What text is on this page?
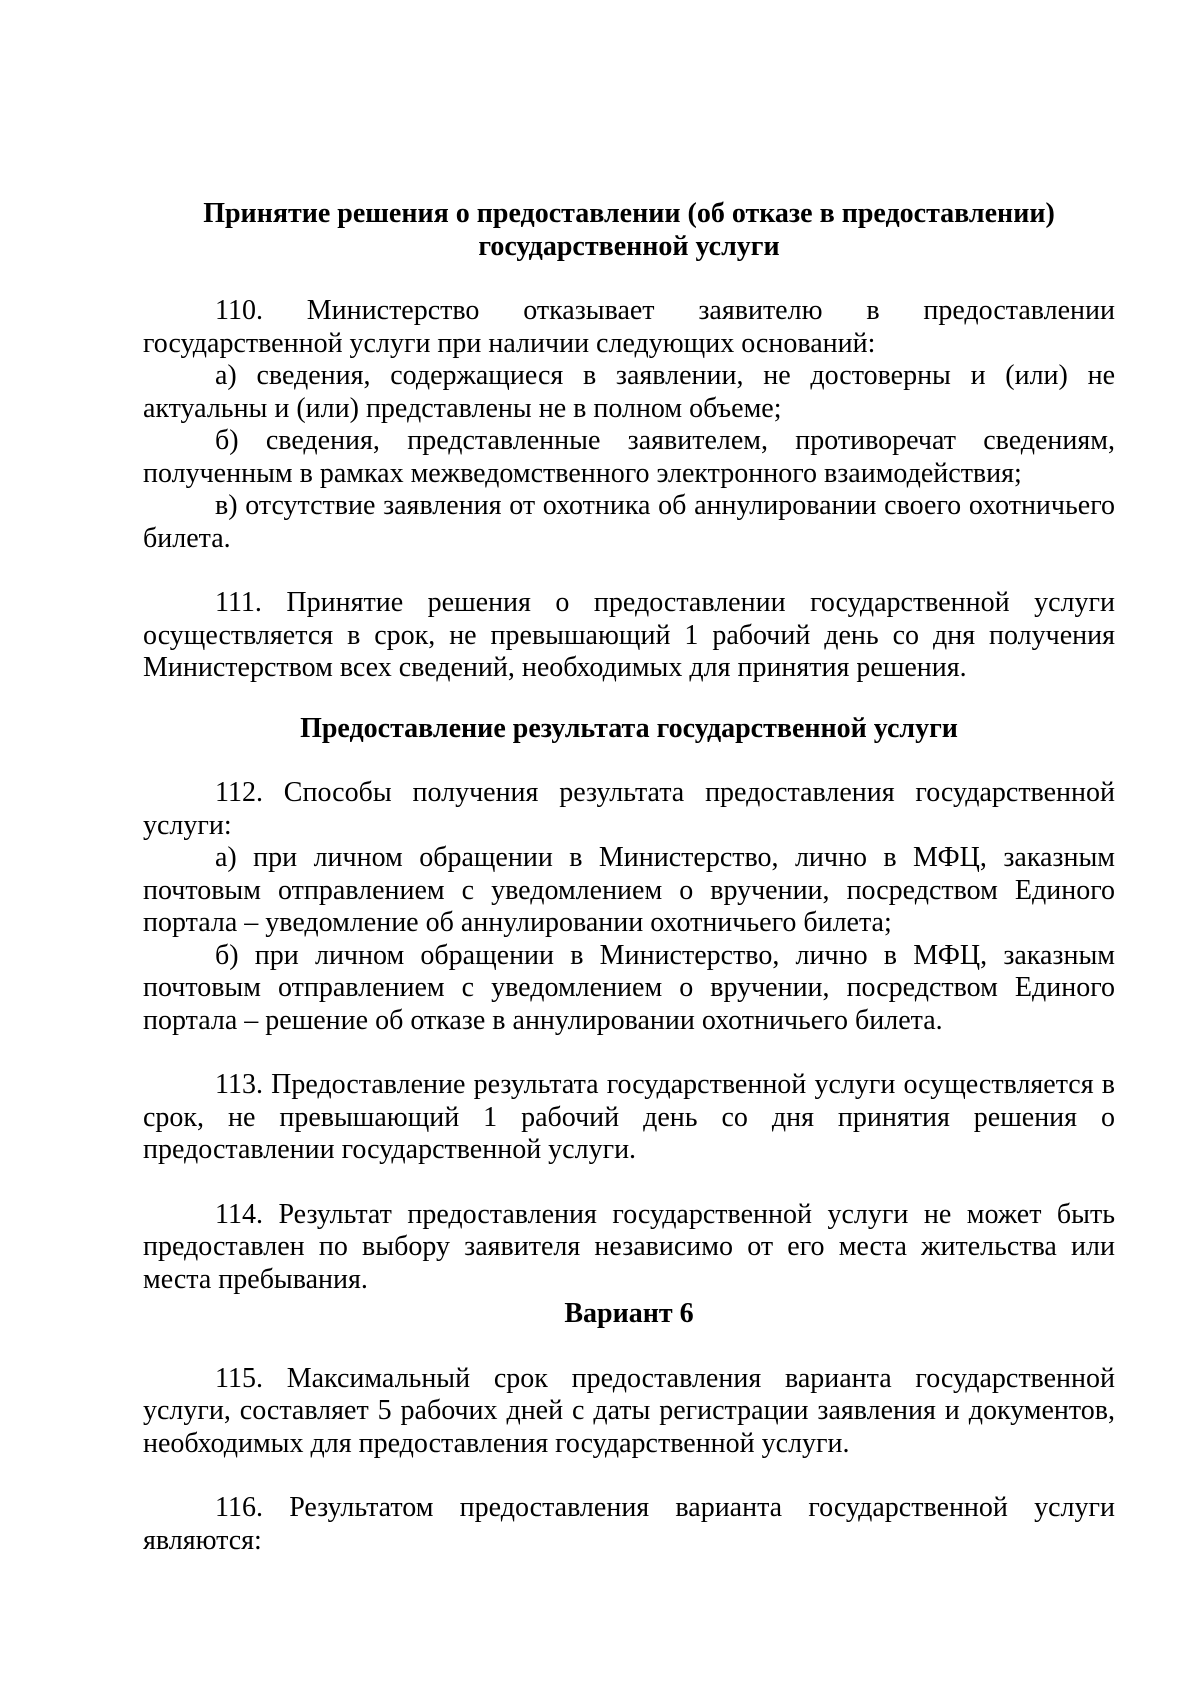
Принятие решения о предоставлении (об отказе в предоставлении)
государственной услуги

110. Министерство отказывает заявителю в предоставлении государственной услуги при наличии следующих оснований:

а) сведения, содержащиеся в заявлении, не достоверны и (или) не актуальны и (или) представлены не в полном объеме;

б) сведения, представленные заявителем, противоречат сведениям, полученным в рамках межведомственного электронного взаимодействия;

в) отсутствие заявления от охотника об аннулировании своего охотничьего билета.

111. Принятие решения о предоставлении государственной услуги осуществляется в срок, не превышающий 1 рабочий день со дня получения Министерством всех сведений, необходимых для принятия решения.

Предоставление результата государственной услуги

112. Способы получения результата предоставления государственной услуги:

а) при личном обращении в Министерство, лично в МФЦ, заказным почтовым отправлением с уведомлением о вручении, посредством Единого портала – уведомление об аннулировании охотничьего билета;

б) при личном обращении в Министерство, лично в МФЦ, заказным почтовым отправлением с уведомлением о вручении, посредством Единого портала – решение об отказе в аннулировании охотничьего билета.

113. Предоставление результата государственной услуги осуществляется в срок, не превышающий 1 рабочий день со дня принятия решения о предоставлении государственной услуги.

114. Результат предоставления государственной услуги не может быть предоставлен по выбору заявителя независимо от его места жительства или места пребывания.

Вариант 6

115. Максимальный срок предоставления варианта государственной услуги, составляет 5 рабочих дней с даты регистрации заявления и документов, необходимых для предоставления государственной услуги.

116. Результатом предоставления варианта государственной услуги являются:
